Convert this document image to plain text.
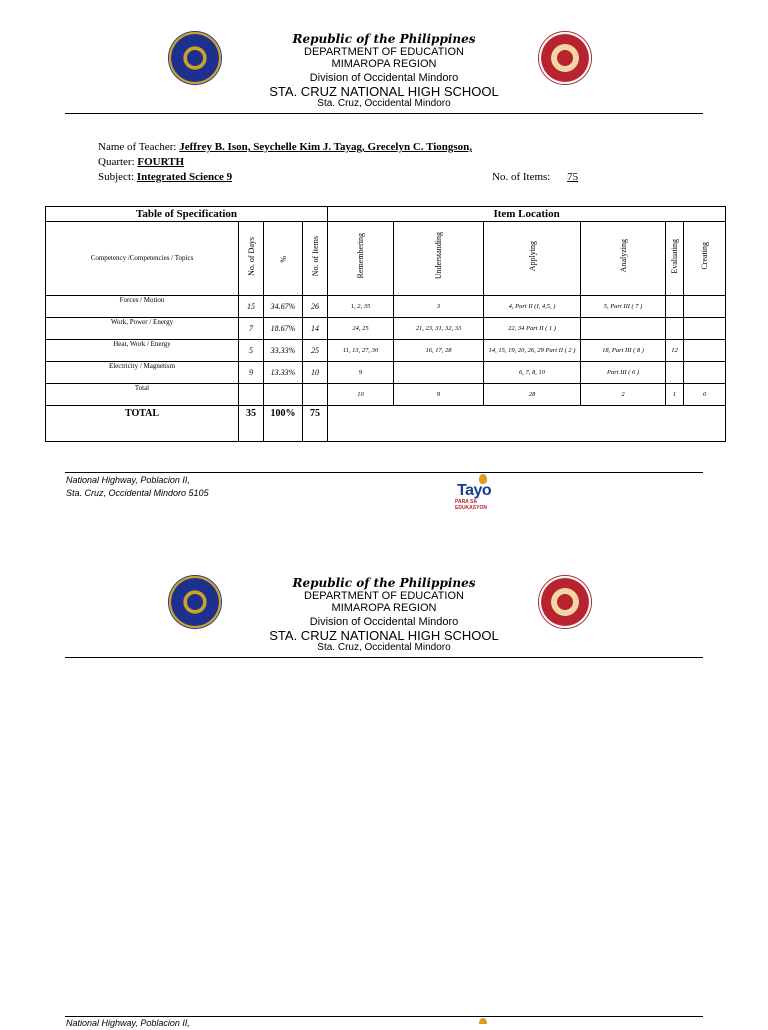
Republic of the Philippines
DEPARTMENT OF EDUCATION
MIMAROPA REGION
Division of Occidental Mindoro
STA. CRUZ NATIONAL HIGH SCHOOL
Sta. Cruz, Occidental Mindoro
Name of Teacher: Jeffrey B. Ison, Seychelle Kim J. Tayag, Grecelyn C. Tiongson,
Quarter: FOURTH
Subject: Integrated Science 9	No. of Items: 75
Table of Specification				Item Location					
Competency /Competencies / Topics	No. of Days	%	No. of Items	Remembering	Understanding	Applying	Analyzing	Evaluating	Creating
Forces / Motion	15	34.67%	26	1, 2, 35	3	4, Part II (I, 4,5, )	5, Part III ( 7 )		
Work, Power / Energy	7	18.67%	14	24, 25	21, 23, 31, 32, 33	22, 34 Part II ( 1 )			
Heat, Work / Energy	5	33.33%	25	11, 13, 27, 30	16, 17, 28	14, 15, 19, 20, 26, 29 Part II ( 2 )	18, Part III ( 8 )	12	
Electricity / Magnetism	9	13.33%	10	9		6, 7, 8, 10	Part III ( 6 )		
Total				10	9	28	2	1	0
TOTAL	35	100%	75						
National Highway, Poblacion II,
Sta. Cruz, Occidental Mindoro 5105	Tayo
PARA SA EDUKASYON
Republic of the Philippines
DEPARTMENT OF EDUCATION
MIMAROPA REGION
Division of Occidental Mindoro
STA. CRUZ NATIONAL HIGH SCHOOL
Sta. Cruz, Occidental Mindoro
National Highway, Poblacion II,
